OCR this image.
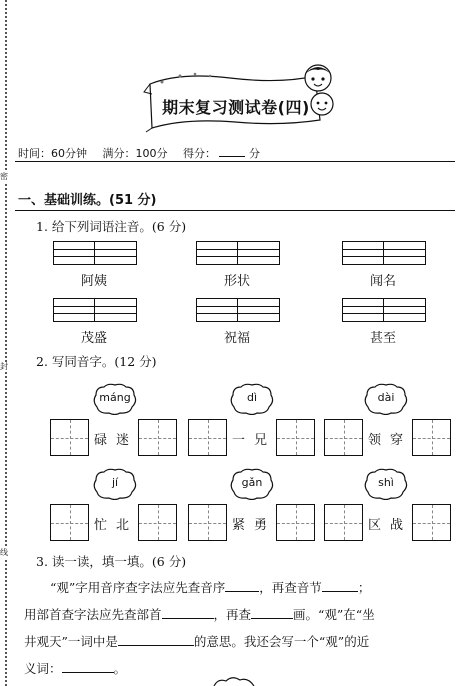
密
封
线
期末复习测试卷(四)
时间：60分钟 满分：100分 得分：	分
一、基础训练。(51 分)
1. 给下列词语注音。(6 分)
阿姨	形状	闻名
茂盛	祝福	甚至
2. 写同音字。(12 分)
máng	dì	dài
碌 迷	一 兄	领 穿
jí	gǎn	shì
忙 北	紧 勇	区 战
3. 读一读，填一填。(6 分)
“观”字用音序查字法应先查音序	，再查音节	；
用部首查字法应先查部首	，再查	画。“观”在“坐
井观天”一词中是	的意思。我还会写一个“观”的近
义词：	。
